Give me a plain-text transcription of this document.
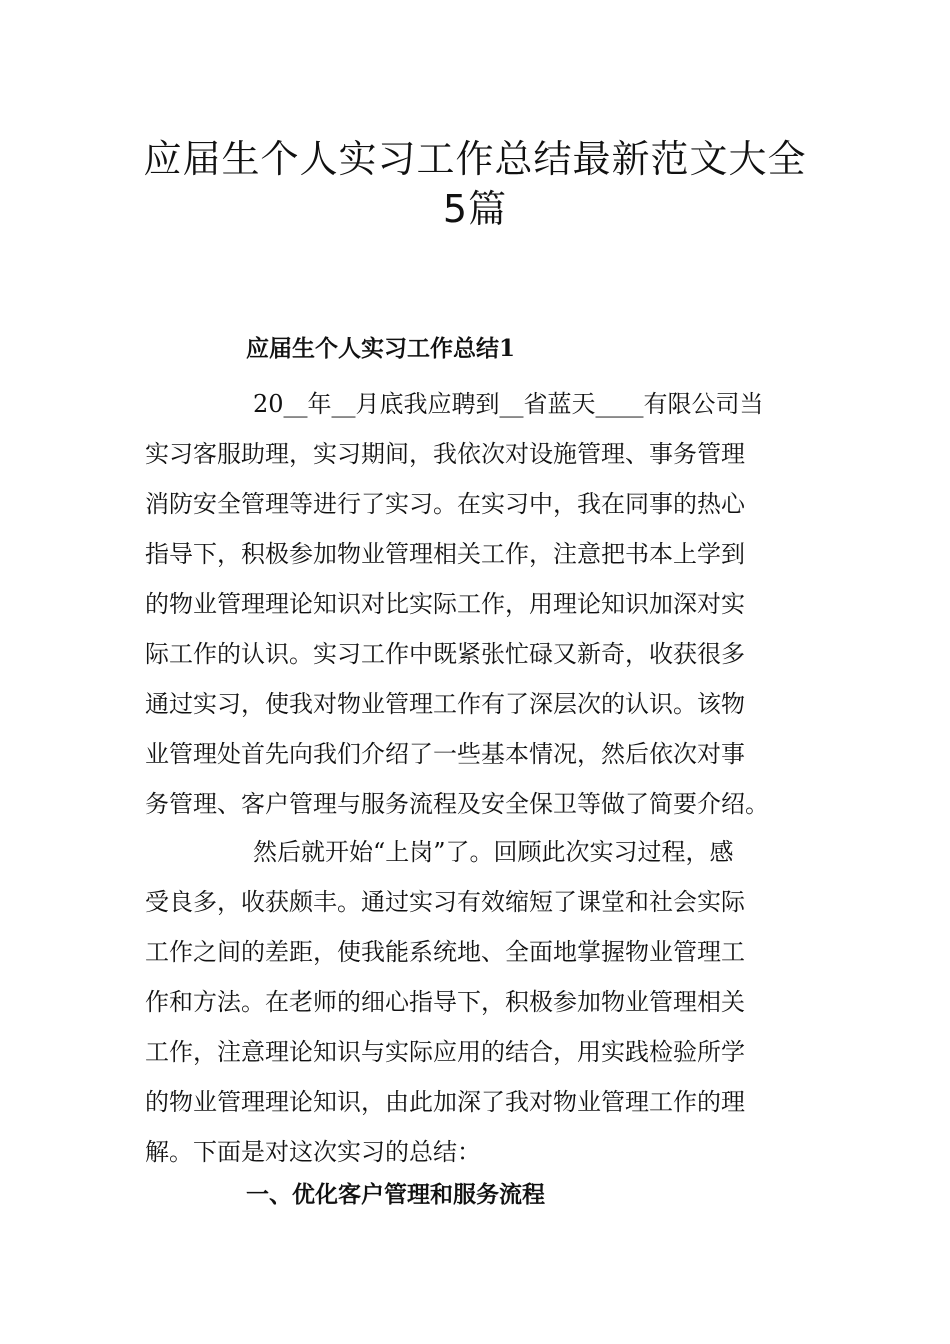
应届生个人实习工作总结最新范文大全
5篇
应届生个人实习工作总结1

20__年__月底我应聘到__省蓝天____有限公司当

实习客服助理，实习期间，我依次对设施管理、事务管理

消防安全管理等进行了实习。在实习中，我在同事的热心

指导下，积极参加物业管理相关工作，注意把书本上学到

的物业管理理论知识对比实际工作，用理论知识加深对实

际工作的认识。实习工作中既紧张忙碌又新奇，收获很多

通过实习，使我对物业管理工作有了深层次的认识。该物

业管理处首先向我们介绍了一些基本情况，然后依次对事

务管理、客户管理与服务流程及安全保卫等做了简要介绍。

然后就开始“上岗”了。回顾此次实习过程，感

受良多，收获颇丰。通过实习有效缩短了课堂和社会实际

工作之间的差距，使我能系统地、全面地掌握物业管理工

作和方法。在老师的细心指导下，积极参加物业管理相关

工作，注意理论知识与实际应用的结合，用实践检验所学

的物业管理理论知识，由此加深了我对物业管理工作的理

解。下面是对这次实习的总结：

一、优化客户管理和服务流程
